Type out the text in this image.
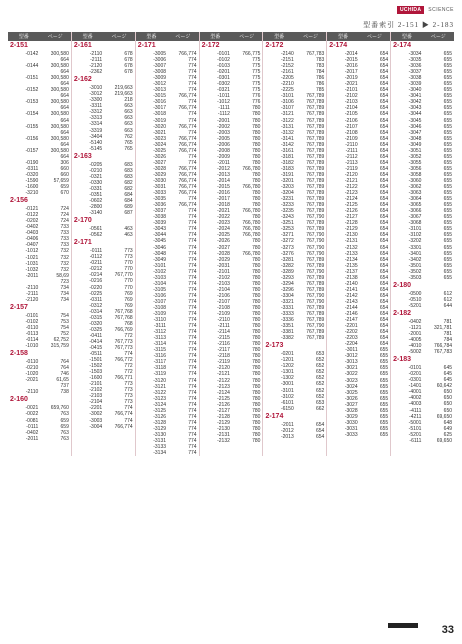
UCHIDA	SCIENCE
型番索引 2-151 ▶ 2-183
型番	ページ
2-151
-0142	300,580
664
-0144	300,580
664
-0151	300,580
664
-0152	300,580
664
-0153	300,580
664
-0154	300,580
664
-0155	300,580
664
-0156	300,580
664
-0157	300,580
664
-0190	306
-0311	660
-0320	660
-1590	57,659
-1600	659
-3210	670
2-156
-0121	724
-0122	724
-0202	724
-0402	733
-0403	733
-0406	733
-0407	733
-1012	732
-1021	732
-1031	732
-1032	732
-2011	58,69
723
-2110	734
-2111	734
-2120	734
2-157
-0101	754
-0102	753
-0110	754
-0113	752
-0114	62,752
-1010	315,759
2-158
-0110	764
-0210	764
-1020	746
-2021	61,65
737
-2110	738
2-160
-0021	659,760
-0022	763
-0081	659
-0111	659
-0402	763
-2011	763
型番	ページ
2-161
-2110	678
-2111	678
-2120	678
-2362	678
2-162
-3010	219,663
-3012	219,663
-3300	218
-3311	663
-3312	663
-3313	663
-3314	663
-3319	663
-3404	762
-5140	765
-5145	765
2-163
-0205	683
-0210	683
-0321	683
-0330	682
-0331	682
-0351	684
-0602	684
-2800	689
-3140	687
2-170
-0561	463
-0562	463
2-171
-0111	773
-0112	773
-0211	770
-0212	770
-0214	767,770
-0216	770
-0220	770
-0225	769
-0311	769
-0312	769
-0314	767,768
-0315	767,768
-0320	768
-0325	766,769
-0411	772
-0414	767,773
-0415	767,773
-0511	774
-1501	766,772
-1502	772
-1503	772
-1600	766,771
-2101	773
-2102	773
-2103	773
-2104	773
-2201	774
-3002	766,774
-3003	774
-3004	766,774
型番	ページ
2-171
-3005	766,774
-3006	774
-3007	774
-3008	774
-3009	774
-3012	774
-3013	774
-3015	766,774
-3016	774
-3017	766,774
-3018	774
-3019	774
-3020	766,774
-3021	774
-3023	766,774
-3024	766,774
-3025	766,774
-3026	774
-3027	774
-3028	766,774
-3029	766,774
-3030	766,774
-3031	766,774
-3033	766,774
-3035	774
-3036	766,774
-3037	774
-3038	774
-3039	774
-3043	774
-3044	774
-3045	774
-3046	774
-3048	774
-3049	774
-3101	774
-3102	774
-3103	774
-3104	774
-3105	774
-3106	774
-3107	774
-3108	774
-3109	774
-3110	774
-3111	774
-3112	774
-3113	774
-3114	774
-3115	774
-3116	774
-3117	774
-3118	774
-3119	774
-3120	774
-3121	774
-3122	774
-3123	774
-3124	774
-3125	774
-3126	774
-3128	774
-3129	774
-3130	774
-3131	774
-3133	774
-3134	774
型番	ページ
2-172
-0101	766,775
-0102	775
-0103	775
-0201	775
-0301	775
-0302	775
-0321	775
-1011	776
-1012	776
-1111	780
-1112	780
-2001	780
-2002	780
-2003	780
-2005	780
-2006	780
-2008	780
-2009	780
-2011	780
-2012	766,780
-2013	780
-2014	780
-2015	766,780
-2016	780
-2017	780
-2018	780
-2021	766,780
-2022	780
-2023	766,780
-2024	766,780
-2025	766,780
-2026	780
-2027	780
-2028	766,780
-2029	780
-2031	780
-2101	780
-2102	780
-2103	780
-2104	780
-2106	780
-2107	780
-2108	780
-2109	780
-2110	780
-2111	780
-2114	780
-2115	780
-2116	780
-2117	780
-2118	780
-2119	780
-2120	780
-2121	780
-2122	780
-2123	780
-2124	780
-2125	780
-2126	780
-2127	780
-2128	780
-2129	780
-2130	780
-2131	780
-2132	780
型番	ページ
2-172
-2140	767,783
-2151	783
-2152	783
-2161	784
-2205	786
-2210	786
-2225	785
-3101	767,789
-3106	767,789
-3107	767,789
-3121	767,789
-3122	767,789
-3131	767,789
-3132	767,789
-3141	767,789
-3142	767,789
-3161	767,789
-3181	767,789
-3182	767,789
-3183	767,789
-3191	767,789
-3201	767,789
-3203	767,789
-3204	767,789
-3231	767,789
-3233	767,789
-3235	767,789
-3243	767,790
-3251	767,789
-3253	767,789
-3271	767,790
-3272	767,790
-3273	767,790
-3276	767,790
-3281	767,789
-3282	767,789
-3289	767,790
-3293	767,789
-3294	767,789
-3296	767,789
-3304	767,790
-3321	767,790
-3331	767,789
-3333	767,789
-3336	767,789
-3351	767,790
-3381	767,789
-3382	767,789
2-173
-0201	653
-1201	652
-1202	652
-1301	652
-1302	652
-3001	652
-3101	652
-3102	652
-6101	653
-6150	662
2-174
-2011	654
-2012	654
-2013	654
型番	ページ
2-174
-2014	654
-2015	654
-2016	654
-2017	654
-2019	654
-2021	654
-2101	654
-2102	654
-2103	654
-2104	654
-2105	654
-2106	654
-2107	654
-2108	654
-2109	654
-2110	654
-2111	654
-2112	654
-2113	654
-2119	654
-2120	654
-2121	654
-2122	654
-2123	654
-2124	654
-2125	654
-2126	654
-2127	654
-2128	654
-2129	654
-2130	654
-2131	654
-2132	654
-2133	654
-2134	654
-2135	654
-2137	654
-2138	654
-2140	654
-2141	654
-2142	654
-2143	654
-2144	654
-2146	654
-2147	654
-2201	654
-2202	654
-2203	654
-2204	654
-3011	655
-3012	655
-3013	655
-3021	655
-3022	655
-3023	655
-3024	655
-3025	655
-3026	655
-3027	655
-3028	655
-3029	655
-3030	655
-3031	655
-3033	655
型番	ページ
2-174
-3034	655
-3035	655
-3036	655
-3037	655
-3038	655
-3039	655
-3040	655
-3041	655
-3042	655
-3043	655
-3044	655
-3045	655
-3046	655
-3047	655
-3048	655
-3049	655
-3051	655
-3052	655
-3055	655
-3056	655
-3058	655
-3060	655
-3062	655
-3063	655
-3064	655
-3065	655
-3066	655
-3067	655
-3068	655
-3101	655
-3102	655
-3202	655
-3301	655
-3401	655
-3402	655
-3501	655
-3502	655
-3503	655
2-180
-0500	612
-0510	612
-5201	644
2-182
-0402	781
-1121	321,781
-2001	781
-4005	784
-4010	766,784
-5002	767,783
2-183
-0101	645
-0201	645
-0301	645
-1401	60,642
-4001	650
-4002	650
-4003	650
-4111	650
-4211	69,650
-5001	648
-5101	649
-5201	625
-6111	69,650
33
